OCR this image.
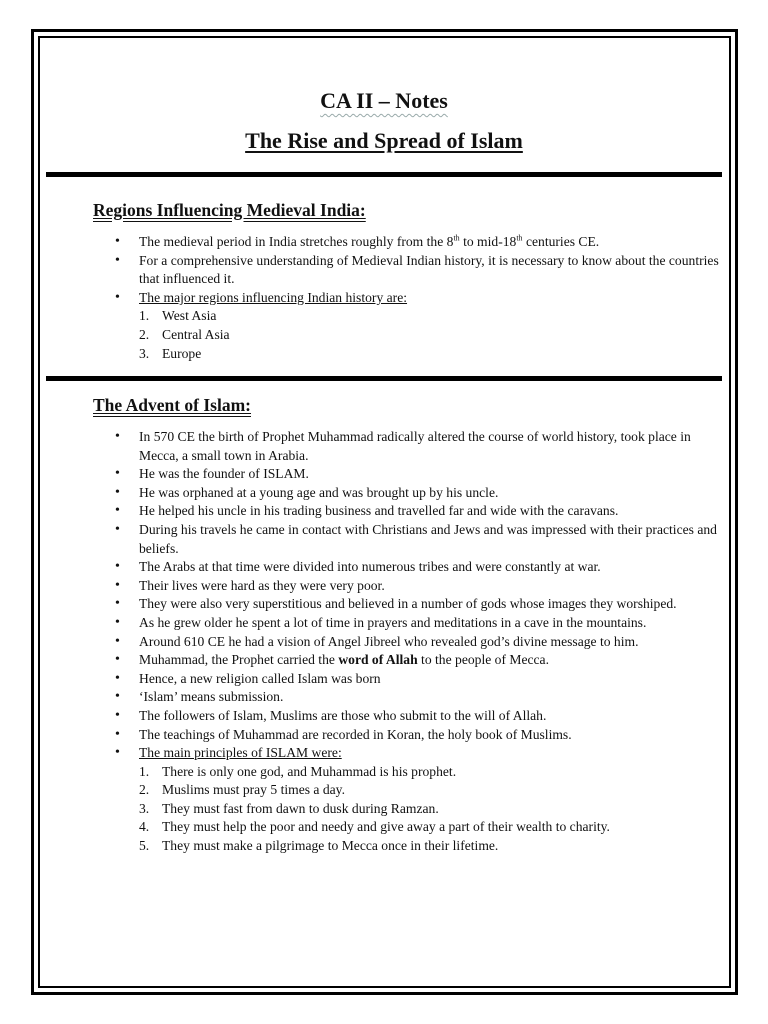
CA II – Notes
The Rise and Spread of Islam
Regions Influencing Medieval India:
• The medieval period in India stretches roughly from the 8th to mid-18th centuries CE.
• For a comprehensive understanding of Medieval Indian history, it is necessary to know about the countries that influenced it.
• The major regions influencing Indian history are:
1. West Asia
2. Central Asia
3. Europe
The Advent of Islam:
• In 570 CE the birth of Prophet Muhammad radically altered the course of world history, took place in Mecca, a small town in Arabia.
• He was the founder of ISLAM.
• He was orphaned at a young age and was brought up by his uncle.
• He helped his uncle in his trading business and travelled far and wide with the caravans.
• During his travels he came in contact with Christians and Jews and was impressed with their practices and beliefs.
• The Arabs at that time were divided into numerous tribes and were constantly at war.
• Their lives were hard as they were very poor.
• They were also very superstitious and believed in a number of gods whose images they worshiped.
• As he grew older he spent a lot of time in prayers and meditations in a cave in the mountains.
• Around 610 CE he had a vision of Angel Jibreel who revealed god’s divine message to him.
• Muhammad, the Prophet carried the word of Allah to the people of Mecca.
• Hence, a new religion called Islam was born
• ‘Islam’ means submission.
• The followers of Islam, Muslims are those who submit to the will of Allah.
• The teachings of Muhammad are recorded in Koran, the holy book of Muslims.
• The main principles of ISLAM were:
1. There is only one god, and Muhammad is his prophet.
2. Muslims must pray 5 times a day.
3. They must fast from dawn to dusk during Ramzan.
4. They must help the poor and needy and give away a part of their wealth to charity.
5. They must make a pilgrimage to Mecca once in their lifetime.
